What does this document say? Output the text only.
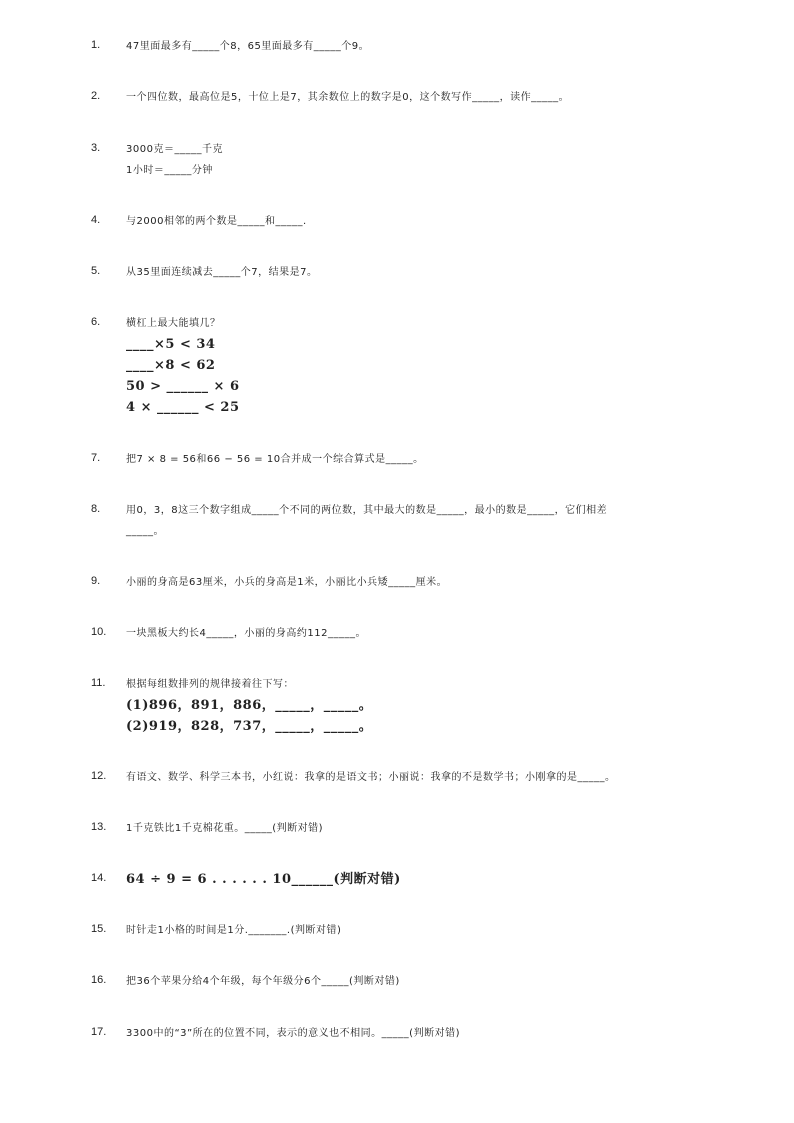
1.	47里面最多有_____个8，65里面最多有_____个9。
2.	一个四位数，最高位是5，十位上是7，其余数位上的数字是0，这个数写作_____，读作_____。
3.	3000克＝_____千克
1小时＝_____分钟
4.	与2000相邻的两个数是_____和_____.
5.	从35里面连续减去_____个7，结果是7。
6.	横杠上最大能填几？
____×5 < 34
____×8 < 62
50 > ______ × 6
4 × ______ < 25
7.	把7 × 8 = 56和66 − 56 = 10合并成一个综合算式是_____。
8.	用0，3，8这三个数字组成_____个不同的两位数，其中最大的数是_____，最小的数是_____，它们相差
_____。
9.	小丽的身高是63厘米，小兵的身高是1米，小丽比小兵矮_____厘米。
10. 一块黑板大约长4_____，小丽的身高约112_____。
11. 根据每组数排列的规律接着往下写：
(1)896，891，886，_____，_____。
(2)919，828，737，_____，_____。
12. 有语文、数学、科学三本书，小红说：我拿的是语文书；小丽说：我拿的不是数学书；小刚拿的是_____。
13. 1千克铁比1千克棉花重。_____(判断对错)
14. 64 ÷ 9 = 6 . . . . . . 10______(判断对错)
15. 时针走1小格的时间是1分._______.(判断对错)
16. 把36个苹果分给4个年级，每个年级分6个_____(判断对错)
17. 3300中的“3”所在的位置不同，表示的意义也不相同。_____(判断对错)
